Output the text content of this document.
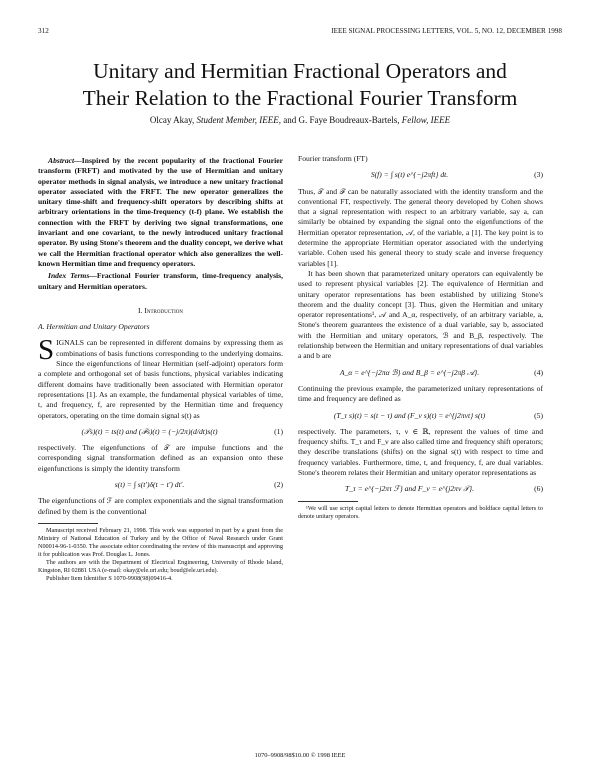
312	IEEE SIGNAL PROCESSING LETTERS, VOL. 5, NO. 12, DECEMBER 1998
Unitary and Hermitian Fractional Operators and
Their Relation to the Fractional Fourier Transform
Olcay Akay, Student Member, IEEE, and G. Faye Boudreaux-Bartels, Fellow, IEEE

Abstract—Inspired by the recent popularity of the fractional Fourier transform (FRFT) and motivated by the use of Hermitian and unitary operator methods in signal analysis, we introduce a new unitary fractional operator associated with the FRFT. The new operator generalizes the unitary time-shift and frequency-shift operators by describing shifts at arbitrary orientations in the time-frequency (t-f) plane. We establish the connection with the FRFT by deriving two signal transformations, one invariant and one covariant, to the newly introduced unitary fractional operator. By using Stone's theorem and the duality concept, we derive what we call the Hermitian fractional operator which also generalizes the well-known Hermitian time and frequency operators.

Index Terms—Fractional Fourier transform, time-frequency analysis, unitary and Hermitian operators.

I. Introduction
A. Hermitian and Unitary Operators

SIGNALS can be represented in different domains by expressing them as combinations of basis functions corresponding to the underlying domains. Since the eigenfunctions of linear Hermitian (self-adjoint) operators form a complete and orthogonal set of basis functions, physical variables indicating different domains have traditionally been associated with Hermitian operator representations [1]. As an example, the fundamental physical variables of time, t, and frequency, f, are represented by the Hermitian time and frequency operators, operating on the time domain signal s(t) as

(𝒯s)(t) = ts(t) and (ℱs)(t) = (−j/2π)(d/dt)s(t)	(1)

respectively. The eigenfunctions of 𝒯 are impulse functions and the corresponding signal transformation defined as an expansion onto these eigenfunctions is simply the identity transform

s(t) = ∫ s(t′)δ(t − t′) dt′.	(2)

The eigenfunctions of ℱ are complex exponentials and the signal transformation defined by them is the conventional

Manuscript received February 21, 1998. This work was supported in part by a grant from the Ministry of National Education of Turkey and by the Office of Naval Research under Grant N00014-96-1-0350. The associate editor coordinating the review of this manuscript and approving it for publication was Prof. Douglas L. Jones.

The authors are with the Department of Electrical Engineering, University of Rhode Island, Kingston, RI 02881 USA (e-mail: okay@ele.uri.edu; boud@ele.uri.edu).

Publisher Item Identifier S 1070-9908(98)09416-4.

Fourier transform (FT)

S(f) = ∫ s(t) e^{−j2πft} dt.	(3)

Thus, 𝒯 and ℱ can be naturally associated with the identity transform and the conventional FT, respectively. The general theory developed by Cohen shows that a signal representation with respect to an arbitrary variable, say a, can similarly be obtained by expanding the signal onto the eigenfunctions of the Hermitian operator representation, 𝒜, of the variable, a [1]. The key point is to determine the appropriate Hermitian operator associated with the underlying variable. Cohen used his general theory to study scale and inverse frequency variables [1].

It has been shown that parameterized unitary operators can equivalently be used to represent physical variables [2]. The equivalence of Hermitian and unitary operator representations has been established by utilizing Stone's theorem and the duality concept [3]. Thus, given the Hermitian and unitary operator representations¹, 𝒜 and A_α, respectively, of an arbitrary variable, a, Stone's theorem guarantees the existence of a dual variable, say b, associated with the Hermitian and unitary operators, ℬ and B_β, respectively. The relationship between the Hermitian and unitary representations of dual variables a and b are

A_α = e^{−j2πα ℬ} and B_β = e^{−j2πβ 𝒜}.	(4)

Continuing the previous example, the parameterized unitary representations of time and frequency are defined as

(T_τ s)(t) = s(t − τ) and (F_ν s)(t) = e^{j2πνt} s(t)	(5)

respectively. The parameters, τ, ν ∈ ℝ, represent the values of time and frequency shifts. T_τ and F_ν are also called time and frequency shift operators; they describe translations (shifts) on the signal s(t) with respect to time and frequency variables. Furthermore, time, t, and frequency, f, are dual variables. Stone's theorem relates their Hermitian and unitary operator representations as

T_τ = e^{−j2πτ ℱ} and F_ν = e^{j2πν 𝒯}.	(6)

¹We will use script capital letters to denote Hermitian operators and boldface capital letters to denote unitary operators.

1070–9908/98$10.00 © 1998 IEEE
